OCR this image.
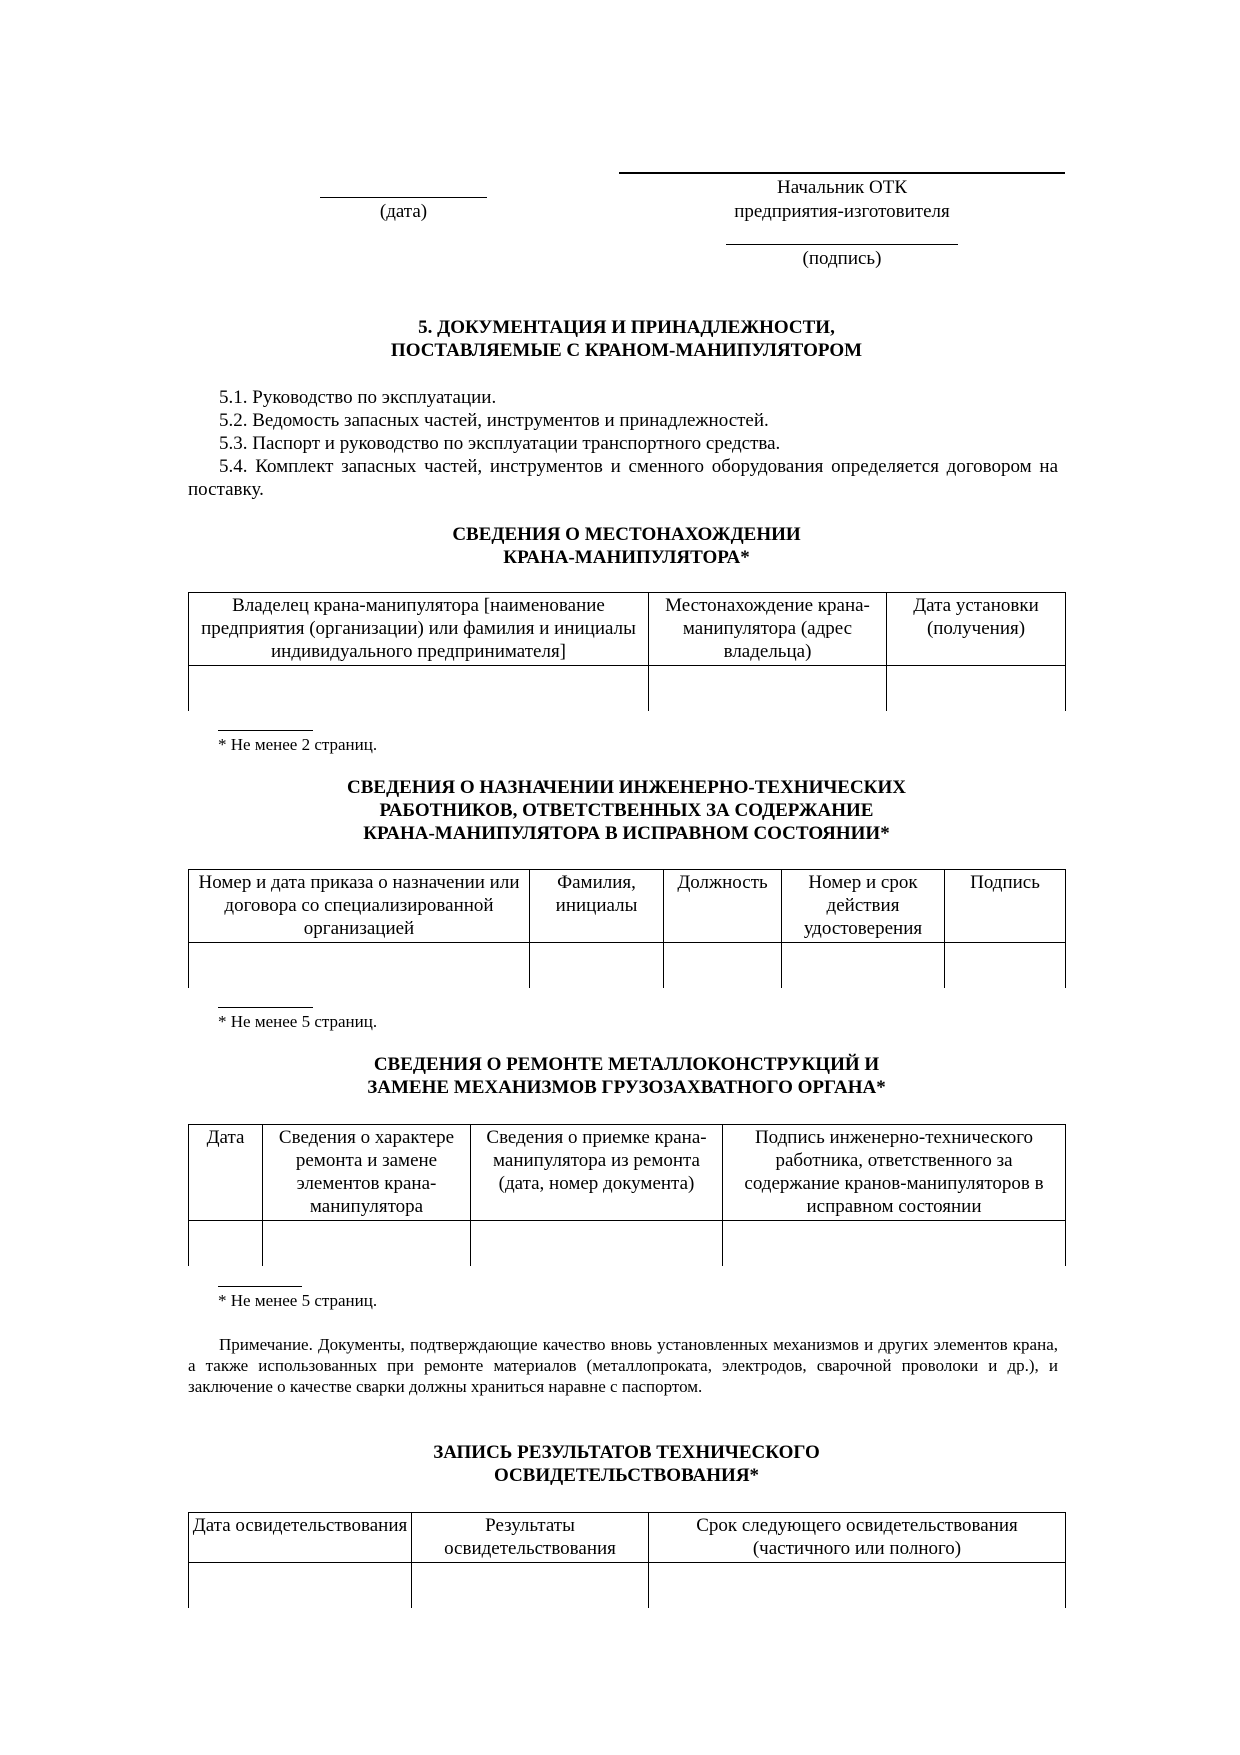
(дата)
Начальник ОТК
предприятия-изготовителя
(подпись)
5. ДОКУМЕНТАЦИЯ И ПРИНАДЛЕЖНОСТИ,
ПОСТАВЛЯЕМЫЕ С КРАНОМ-МАНИПУЛЯТОРОМ
5.1. Руководство по эксплуатации.
5.2. Ведомость запасных частей, инструментов и принадлежностей.
5.3. Паспорт и руководство по эксплуатации транспортного средства.
5.4. Комплект запасных частей, инструментов и сменного оборудования определяется договором на поставку.
СВЕДЕНИЯ О МЕСТОНАХОЖДЕНИИ
КРАНА-МАНИПУЛЯТОРА*
Владелец крана-манипулятора [наименование предприятия (организации) или фамилия и инициалы индивидуального предпринимателя]	Местонахождение крана-манипулятора (адрес владельца)	Дата установки (получения)

* Не менее 2 страниц.
СВЕДЕНИЯ О НАЗНАЧЕНИИ ИНЖЕНЕРНО-ТЕХНИЧЕСКИХ
РАБОТНИКОВ, ОТВЕТСТВЕННЫХ ЗА СОДЕРЖАНИЕ
КРАНА-МАНИПУЛЯТОРА В ИСПРАВНОМ СОСТОЯНИИ*
Номер и дата приказа о назначении или договора со специализированной организацией	Фамилия, инициалы	Должность	Номер и срок действия удостоверения	Подпись

* Не менее 5 страниц.
СВЕДЕНИЯ О РЕМОНТЕ МЕТАЛЛОКОНСТРУКЦИЙ И
ЗАМЕНЕ МЕХАНИЗМОВ ГРУЗОЗАХВАТНОГО ОРГАНА*
Дата	Сведения о характере ремонта и замене элементов крана-манипулятора	Сведения о приемке крана-манипулятора из ремонта (дата, номер документа)	Подпись инженерно-технического работника, ответственного за содержание кранов-манипуляторов в исправном состоянии

* Не менее 5 страниц.
Примечание. Документы, подтверждающие качество вновь установленных механизмов и других элементов крана, а также использованных при ремонте материалов (металлопроката, электродов, сварочной проволоки и др.), и заключение о качестве сварки должны храниться наравне с паспортом.
ЗАПИСЬ РЕЗУЛЬТАТОВ ТЕХНИЧЕСКОГО
ОСВИДЕТЕЛЬСТВОВАНИЯ*
Дата освидетельствования	Результаты освидетельствования	Срок следующего освидетельствования (частичного или полного)
